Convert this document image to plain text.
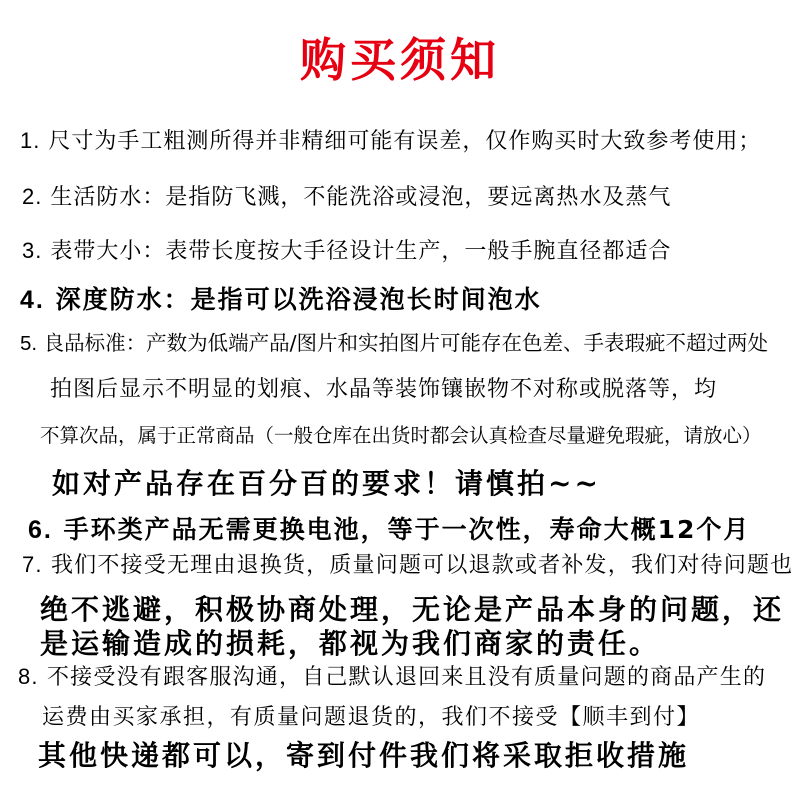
购买须知
1. 尺寸为手工粗测所得并非精细可能有误差，仅作购买时大致参考使用；
2. 生活防水：是指防飞溅，不能洗浴或浸泡，要远离热水及蒸气
3. 表带大小：表带长度按大手径设计生产，一般手腕直径都适合
4. 深度防水：是指可以洗浴浸泡长时间泡水
5. 良品标准：产数为低端产品/图片和实拍图片可能存在色差、手表瑕疵不超过两处
拍图后显示不明显的划痕、水晶等装饰镶嵌物不对称或脱落等，均
不算次品，属于正常商品（一般仓库在出货时都会认真检查尽量避免瑕疵，请放心）
如对产品存在百分百的要求！请慎拍~~
6. 手环类产品无需更换电池，等于一次性，寿命大概12个月
7. 我们不接受无理由退换货，质量问题可以退款或者补发，我们对待问题也
绝不逃避，积极协商处理，无论是产品本身的问题，还
是运输造成的损耗，都视为我们商家的责任。
8. 不接受没有跟客服沟通，自己默认退回来且没有质量问题的商品产生的
运费由买家承担，有质量问题退货的，我们不接受【顺丰到付】
其他快递都可以，寄到付件我们将采取拒收措施
